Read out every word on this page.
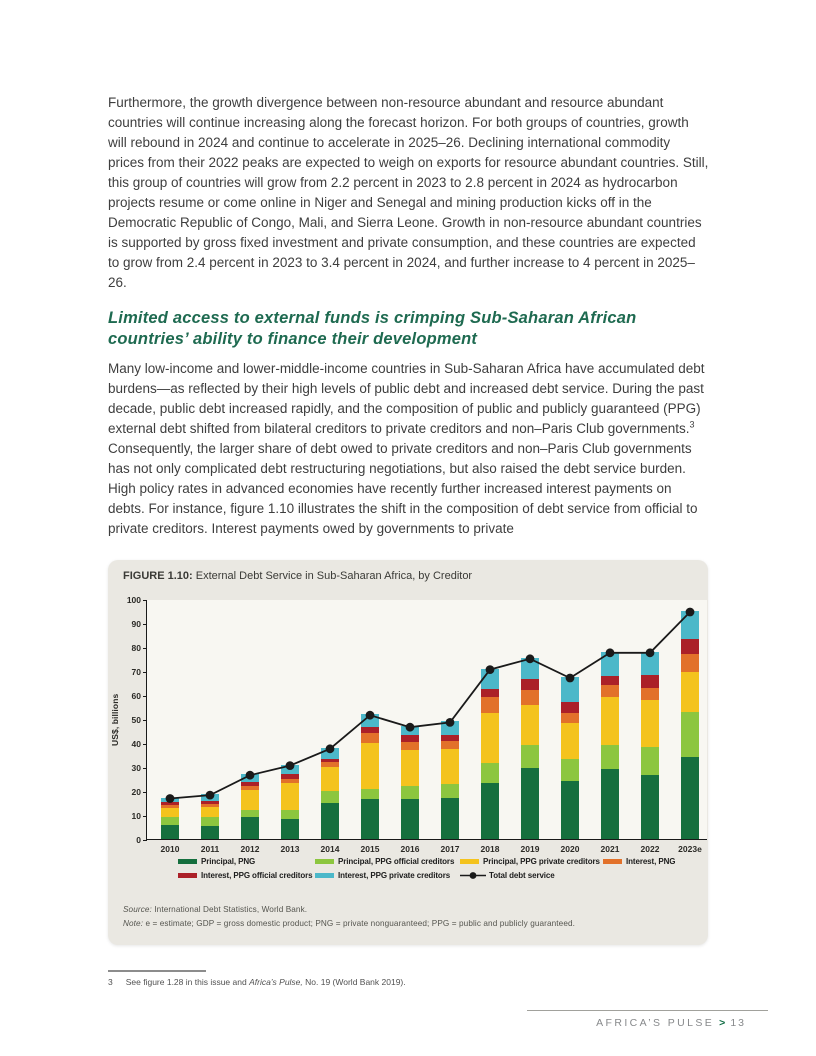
Furthermore, the growth divergence between non-resource abundant and resource abundant countries will continue increasing along the forecast horizon. For both groups of countries, growth will rebound in 2024 and continue to accelerate in 2025–26. Declining international commodity prices from their 2022 peaks are expected to weigh on exports for resource abundant countries. Still, this group of countries will grow from 2.2 percent in 2023 to 2.8 percent in 2024 as hydrocarbon projects resume or come online in Niger and Senegal and mining production kicks off in the Democratic Republic of Congo, Mali, and Sierra Leone. Growth in non-resource abundant countries is supported by gross fixed investment and private consumption, and these countries are expected to grow from 2.4 percent in 2023 to 3.4 percent in 2024, and further increase to 4 percent in 2025–26.

Limited access to external funds is crimping Sub-Saharan African countries’ ability to finance their development

Many low-income and lower-middle-income countries in Sub-Saharan Africa have accumulated debt burdens—as reflected by their high levels of public debt and increased debt service. During the past decade, public debt increased rapidly, and the composition of public and publicly guaranteed (PPG) external debt shifted from bilateral creditors to private creditors and non–Paris Club governments.$^3$ Consequently, the larger share of debt owed to private creditors and non–Paris Club governments has not only complicated debt restructuring negotiations, but also raised the debt service burden. High policy rates in advanced economies have recently further increased interest payments on debts. For instance, figure 1.10 illustrates the shift in the composition of debt service from official to private creditors. Interest payments owed by governments to private

FIGURE 1.10: External Debt Service in Sub-Saharan Africa, by Creditor
US$, billions
0
10
20
30
40
50
60
70
80
90
100
2010	2011	2012	2013	2014	2015	2016	2017	2018	2019	2020	2021	2022	2023e
Principal, PNG	Principal, PPG official creditors	Principal, PPG private creditors	Interest, PNG
Interest, PPG official creditors	Interest, PPG private creditors	Total debt service
Source: International Debt Statistics, World Bank.
Note: e = estimate; GDP = gross domestic product; PNG = private nonguaranteed; PPG = public and publicly guaranteed.
3 See figure 1.28 in this issue and Africa’s Pulse, No. 19 (World Bank 2019).
AFRICA’S PULSE > 13
